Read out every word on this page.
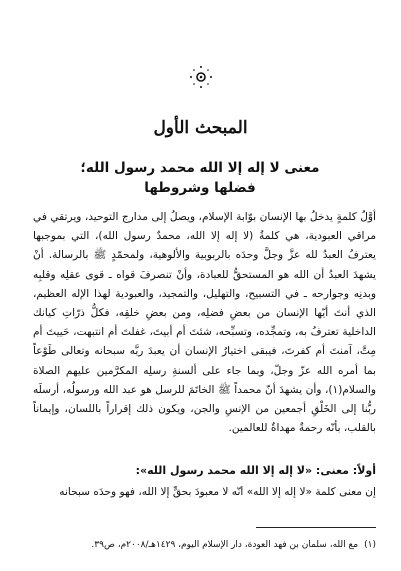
المبحث الأول
معنى لا إله إلا الله محمد رسول الله؛
فضلها وشروطها

أوَّلُ كلمةٍ يدخلُ بها الإنسان بوّابة الإسلام، ويصلُ إلى مدارج التوحيد، ويرتقي في مراقي العبودية، هي كلمةُ (لا إله إلا الله، محمدٌ رسول الله)، التي بموجبها يعترفُ العبدُ لله عزَّ وجلَّ وحدَه بالربوبية والألوهية، ولمحمّدٍ ﷺ بالرسالة. أنْ يشهدَ العبدُ أن الله هو المستحقُّ للعبادة، وأنْ تنصرفَ قواه ـ قوى عقلِه وقلبِه وبدنِه وجوارحه ـ في التسبيح، والتهليل، والتمجيد، والعبودية لهذا الإله العظيم، الذي أنتَ أيّها الإنسان من بعضِ فضلِه، ومن بعضِ خلقِه، فكلُّ ذرّاتِ كيانك الداخلية تعترفُ به، وتمجِّده، وتسبِّحه، شئتَ أم أبيتَ، غفلتَ أم انتبهت، حَييتَ أم مِتَّ، آمنتَ أم كفرتَ، فيبقى اختيارُ الإنسان أن يعبدَ ربَّه سبحانه وتعالى طَوْعاً بما أمره الله عزّ وجلّ، وبما جاء على ألسنةِ رسلِه المكرَّمين عليهم الصلاة والسلام(١)، وأن يشهدَ أنّ محمداً ﷺ الخاتَمَ للرسل هو عبد الله ورسولُه، أرسلَه ربُّنا إلى الخَلْقِ أجمعين من الإنسِ والجن، ويكون ذلك إقراراً باللسان، وإيماناً بالقلب، بأنّه رحمةٌ مهداةٌ للعالمين.

أولاً: معنى: «لا إله إلا الله محمد رسول الله»:
إن معنى كلمة «لا إله إلا الله» أنّه لا معبودَ بحقٍّ إلا الله، فهو وحدَه سبحانه
(١)مع الله، سلمان بن فهد العودة، دار الإسلام اليوم، ١٤٢٩هـ/٢٠٠٨م، ص٣٩.
